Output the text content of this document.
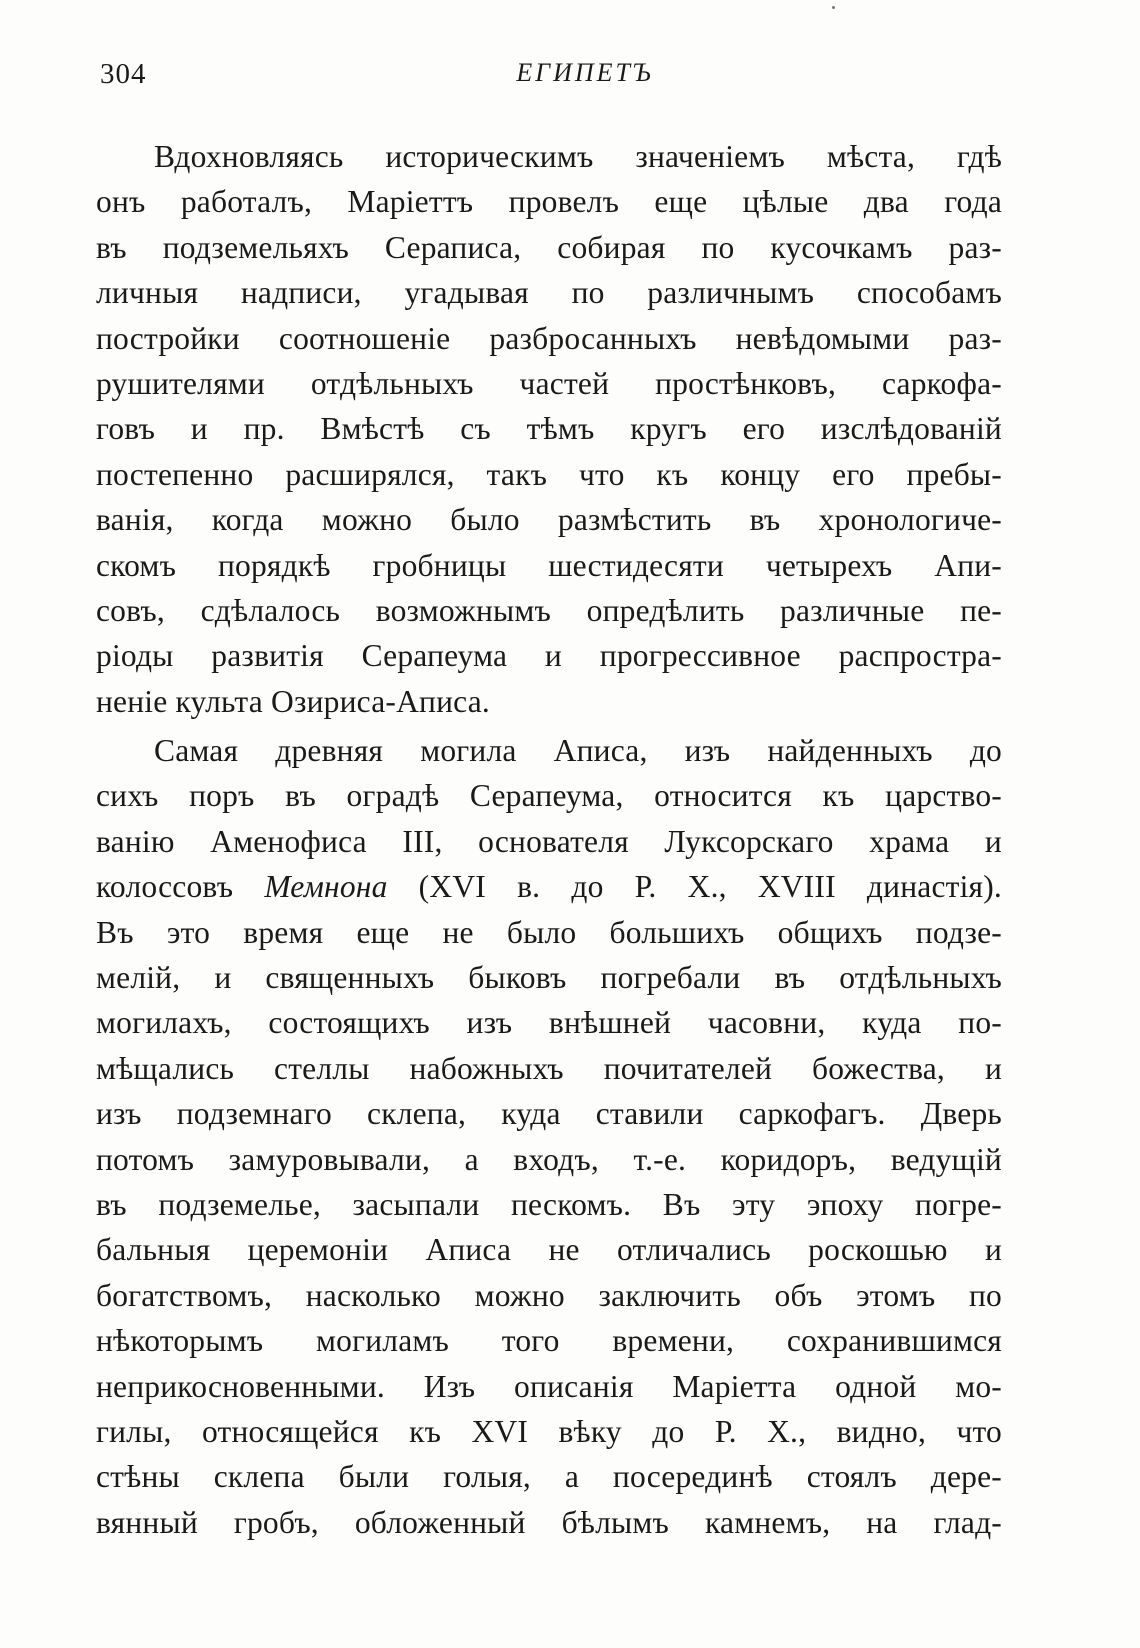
304	ЕГИПЕТЪ
Вдохновляясь историческимъ значенiемъ мѣста, гдѣ
онъ работалъ, Марiеттъ провелъ еще цѣлые два года
въ подземельяхъ Сераписа, собирая по кусочкамъ раз-
личныя надписи, угадывая по различнымъ способамъ
постройки соотношенiе разбросанныхъ невѣдомыми раз-
рушителями отдѣльныхъ частей простѣнковъ, саркофа-
говъ и пр. Вмѣстѣ съ тѣмъ кругъ его изслѣдованiй
постепенно расширялся, такъ что къ концу его пребы-
ванiя, когда можно было размѣстить въ хронологиче-
скомъ порядкѣ гробницы шестидесяти четырехъ Апи-
совъ, сдѣлалось возможнымъ опредѣлить различные пе-
рiоды развитiя Серапеума и прогрессивное распростра-
ненiе культа Озириса-Аписа.
Самая древняя могила Аписа, изъ найденныхъ до
сихъ поръ въ оградѣ Серапеума, относится къ царство-
ванiю Аменофиса III, основателя Луксорскаго храма и
колоссовъ Мемнона (XVI в. до Р. X., XVIII династiя).
Въ это время еще не было большихъ общихъ подзе-
мелiй, и священныхъ быковъ погребали въ отдѣльныхъ
могилахъ, состоящихъ изъ внѣшней часовни, куда по-
мѣщались стеллы набожныхъ почитателей божества, и
изъ подземнаго склепа, куда ставили саркофагъ. Дверь
потомъ замуровывали, а входъ, т.-е. коридоръ, ведущiй
въ подземелье, засыпали пескомъ. Въ эту эпоху погре-
бальныя церемонiи Аписа не отличались роскошью и
богатствомъ, насколько можно заключить объ этомъ по
нѣкоторымъ могиламъ того времени, сохранившимся
неприкосновенными. Изъ описанiя Марiетта одной мо-
гилы, относящейся къ XVI вѣку до Р. X., видно, что
стѣны склепа были голыя, а посерединѣ стоялъ дере-
вянный гробъ, обложенный бѣлымъ камнемъ, на глад-
